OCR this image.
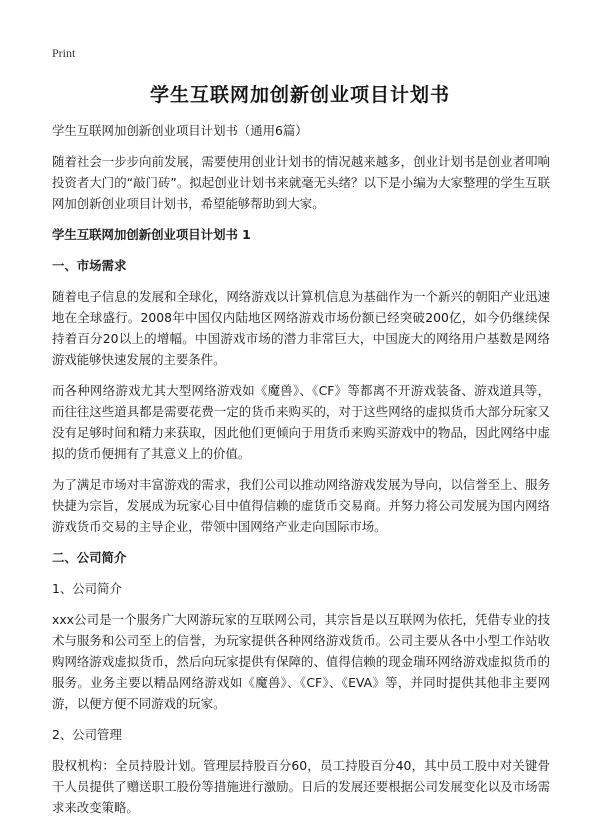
Print
学生互联网加创新创业项目计划书

学生互联网加创新创业项目计划书（通用6篇）

随着社会一步步向前发展，需要使用创业计划书的情况越来越多，创业计划书是创业者叩响投资者大门的“敲门砖”。拟起创业计划书来就毫无头绪？以下是小编为大家整理的学生互联网加创新创业项目计划书，希望能够帮助到大家。

学生互联网加创新创业项目计划书 1

一、市场需求

随着电子信息的发展和全球化，网络游戏以计算机信息为基础作为一个新兴的朝阳产业迅速地在全球盛行。2008年中国仅内陆地区网络游戏市场份额已经突破200亿，如今仍继续保持着百分20以上的增幅。中国游戏市场的潜力非常巨大，中国庞大的网络用户基数是网络游戏能够快速发展的主要条件。

而各种网络游戏尤其大型网络游戏如《魔兽》、《CF》等都离不开游戏装备、游戏道具等，而往往这些道具都是需要花费一定的货币来购买的，对于这些网络的虚拟货币大部分玩家又没有足够时间和精力来获取，因此他们更倾向于用货币来购买游戏中的物品，因此网络中虚拟的货币便拥有了其意义上的价值。

为了满足市场对丰富游戏的需求，我们公司以推动网络游戏发展为导向，以信誉至上、服务快捷为宗旨，发展成为玩家心目中值得信赖的虚货币交易商。并努力将公司发展为国内网络游戏货币交易的主导企业，带领中国网络产业走向国际市场。

二、公司简介

1、公司简介

xxx公司是一个服务广大网游玩家的互联网公司，其宗旨是以互联网为依托，凭借专业的技术与服务和公司至上的信誉，为玩家提供各种网络游戏货币。公司主要从各中小型工作站收购网络游戏虚拟货币，然后向玩家提供有保障的、值得信赖的现金瑞环网络游戏虚拟货币的服务。业务主要以精品网络游戏如《魔兽》、《CF》、《EVA》等，并同时提供其他非主要网游，以便方便不同游戏的玩家。

2、公司管理

股权机构：全员持股计划。管理层持股百分60，员工持股百分40，其中员工股中对关键骨干人员提供了赠送职工股份等措施进行激励。日后的发展还要根据公司发展变化以及市场需求来改变策略。
